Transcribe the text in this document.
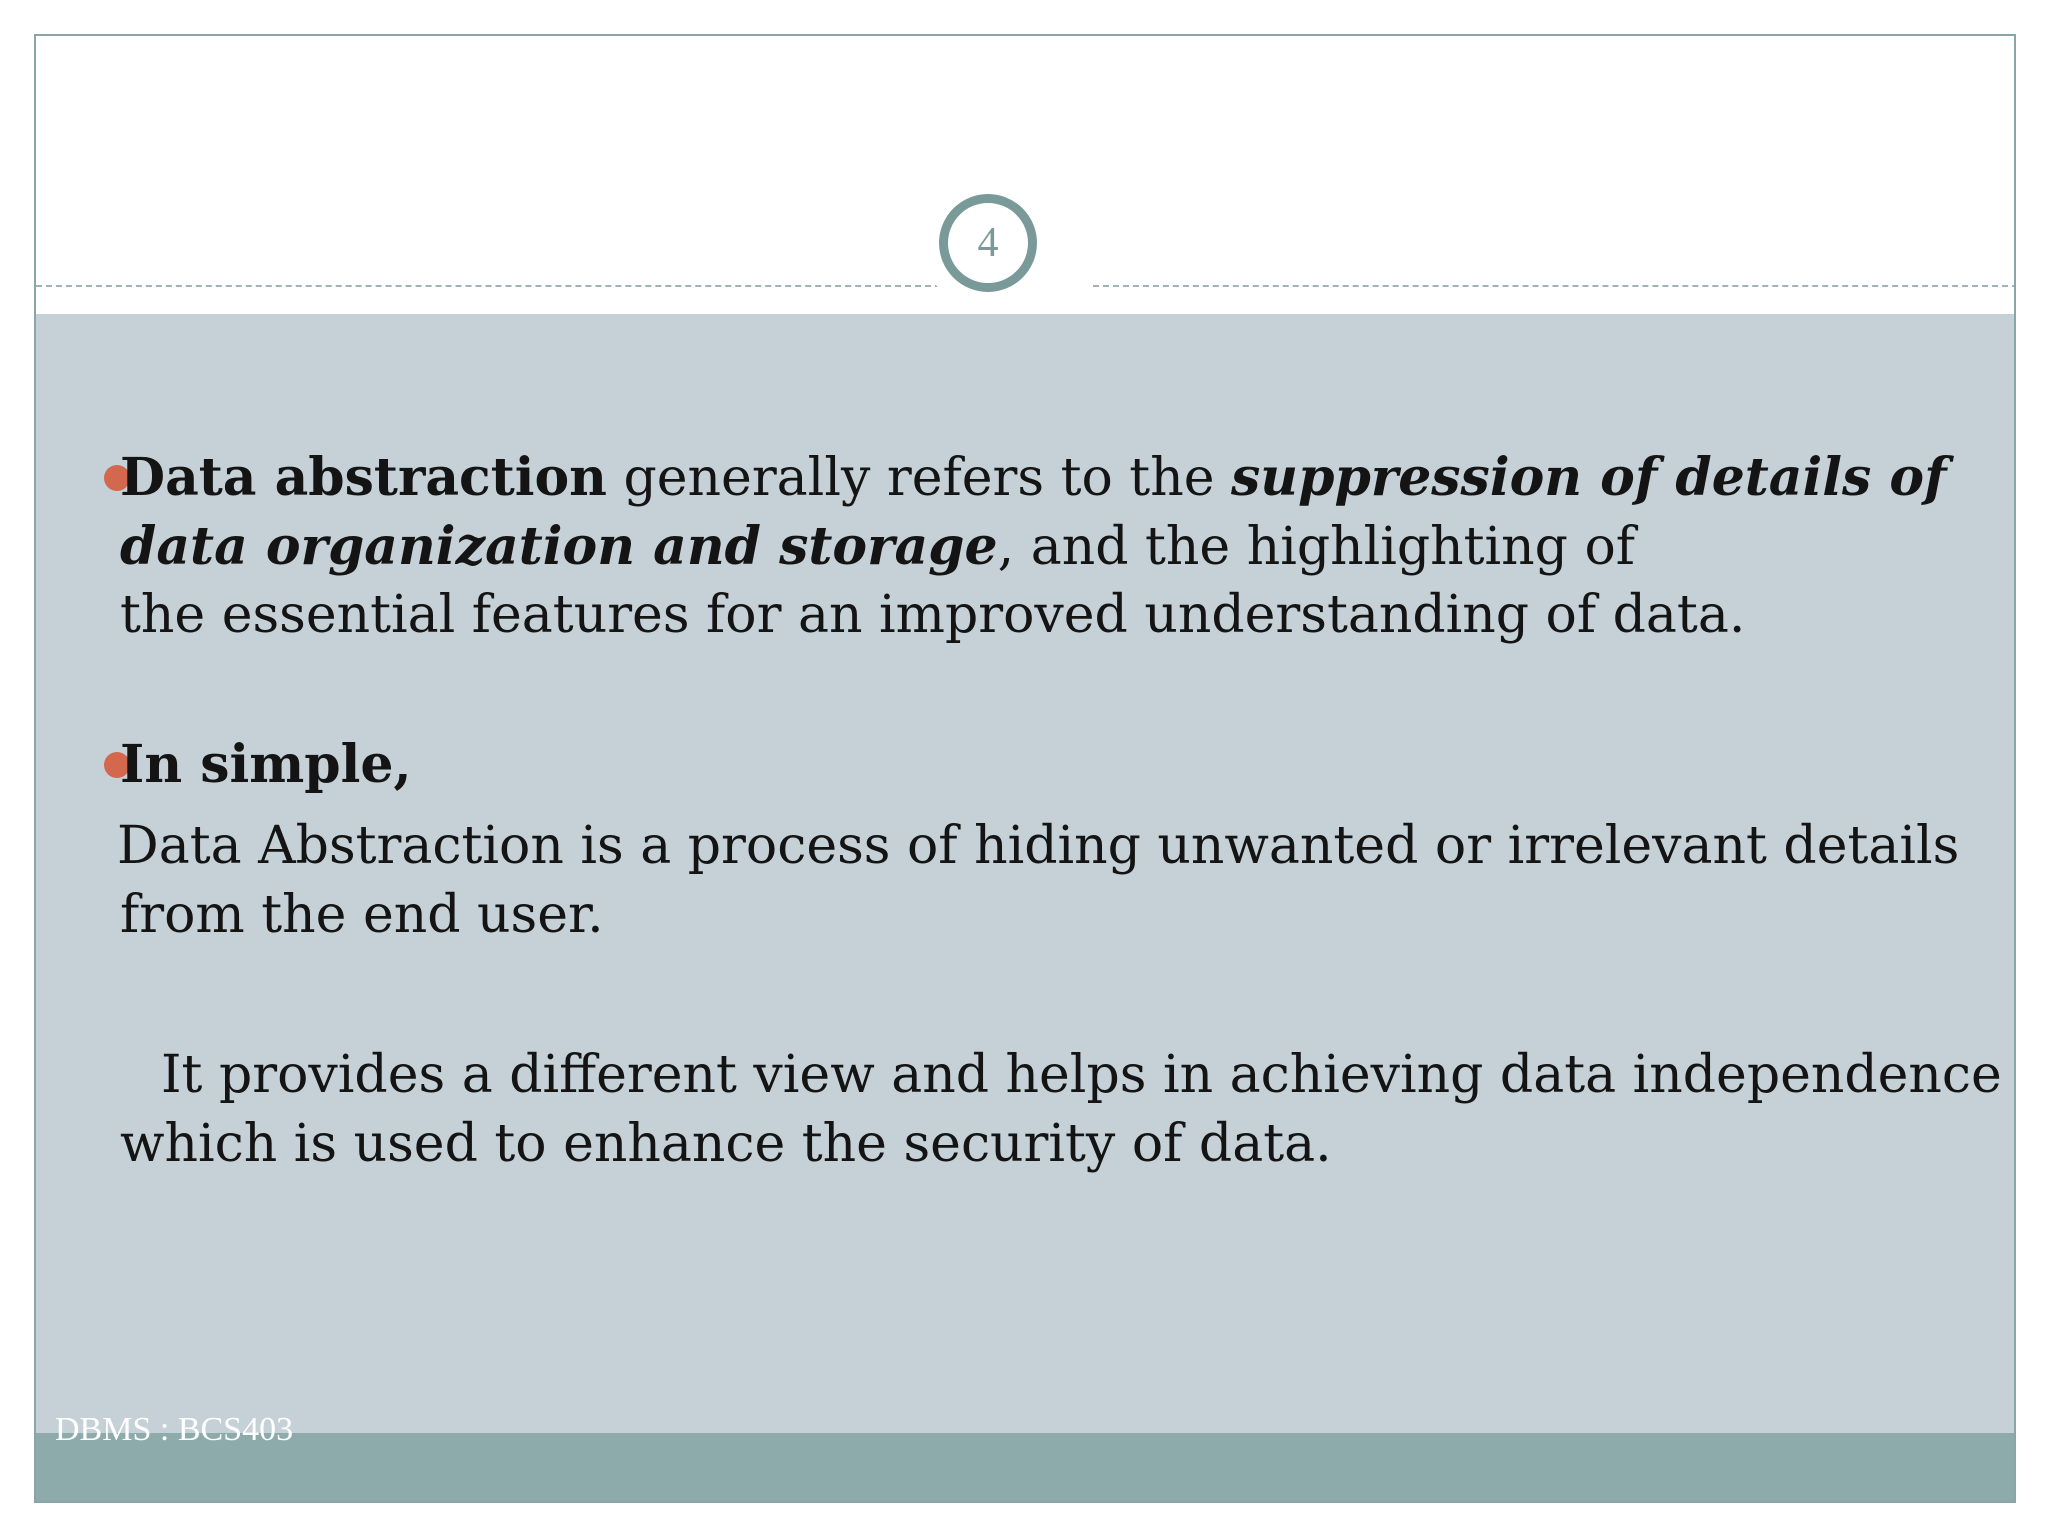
4
Data abstraction generally refers to the suppression of details of
data organization and storage, and the highlighting of
the essential features for an improved understanding of data.
In simple,
Data Abstraction is a process of hiding unwanted or irrelevant details
from the end user.
It provides a different view and helps in achieving data independence
which is used to enhance the security of data.
DBMS : BCS403
